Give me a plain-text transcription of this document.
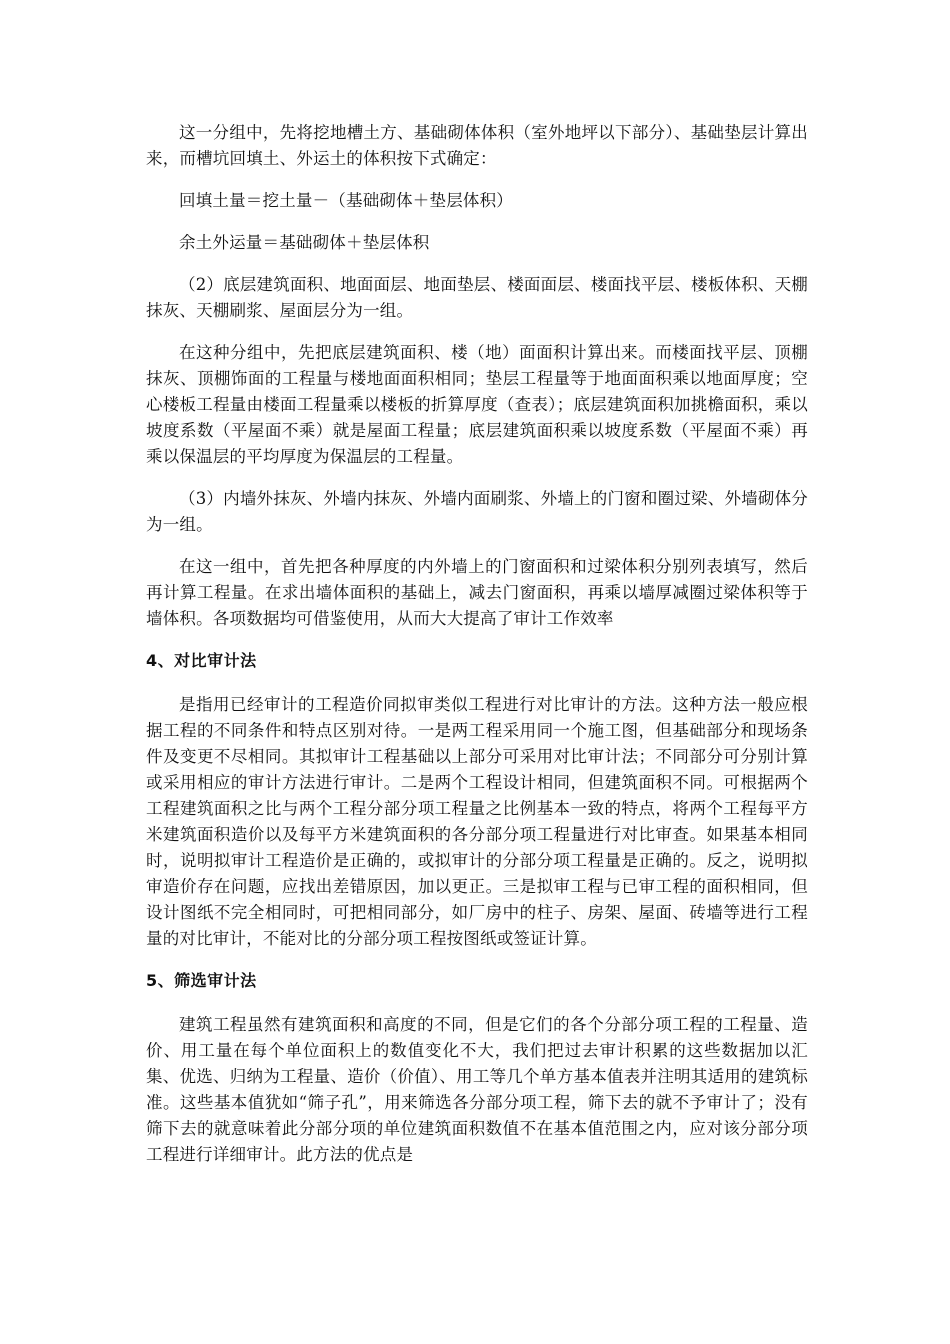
这一分组中，先将挖地槽土方、基础砌体体积（室外地坪以下部分）、基础垫层计算出来，而槽坑回填土、外运土的体积按下式确定：

回填土量＝挖土量－（基础砌体＋垫层体积）

余土外运量＝基础砌体＋垫层体积

（2）底层建筑面积、地面面层、地面垫层、楼面面层、楼面找平层、楼板体积、天棚抹灰、天棚刷浆、屋面层分为一组。

在这种分组中，先把底层建筑面积、楼（地）面面积计算出来。而楼面找平层、顶棚抹灰、顶棚饰面的工程量与楼地面面积相同；垫层工程量等于地面面积乘以地面厚度；空心楼板工程量由楼面工程量乘以楼板的折算厚度（查表）；底层建筑面积加挑檐面积，乘以坡度系数（平屋面不乘）就是屋面工程量；底层建筑面积乘以坡度系数（平屋面不乘）再乘以保温层的平均厚度为保温层的工程量。

（3）内墙外抹灰、外墙内抹灰、外墙内面刷浆、外墙上的门窗和圈过梁、外墙砌体分为一组。

在这一组中，首先把各种厚度的内外墙上的门窗面积和过梁体积分别列表填写，然后再计算工程量。在求出墙体面积的基础上，减去门窗面积，再乘以墙厚减圈过梁体积等于墙体积。各项数据均可借鉴使用，从而大大提高了审计工作效率

4、对比审计法

是指用已经审计的工程造价同拟审类似工程进行对比审计的方法。这种方法一般应根据工程的不同条件和特点区别对待。一是两工程采用同一个施工图，但基础部分和现场条件及变更不尽相同。其拟审计工程基础以上部分可采用对比审计法；不同部分可分别计算或采用相应的审计方法进行审计。二是两个工程设计相同，但建筑面积不同。可根据两个工程建筑面积之比与两个工程分部分项工程量之比例基本一致的特点，将两个工程每平方米建筑面积造价以及每平方米建筑面积的各分部分项工程量进行对比审查。如果基本相同时，说明拟审计工程造价是正确的，或拟审计的分部分项工程量是正确的。反之，说明拟审造价存在问题，应找出差错原因，加以更正。三是拟审工程与已审工程的面积相同，但设计图纸不完全相同时，可把相同部分，如厂房中的柱子、房架、屋面、砖墙等进行工程量的对比审计，不能对比的分部分项工程按图纸或签证计算。

5、筛选审计法

建筑工程虽然有建筑面积和高度的不同，但是它们的各个分部分项工程的工程量、造价、用工量在每个单位面积上的数值变化不大，我们把过去审计积累的这些数据加以汇集、优选、归纳为工程量、造价（价值）、用工等几个单方基本值表并注明其适用的建筑标准。这些基本值犹如“筛子孔”，用来筛选各分部分项工程，筛下去的就不予审计了；没有筛下去的就意味着此分部分项的单位建筑面积数值不在基本值范围之内，应对该分部分项工程进行详细审计。此方法的优点是
